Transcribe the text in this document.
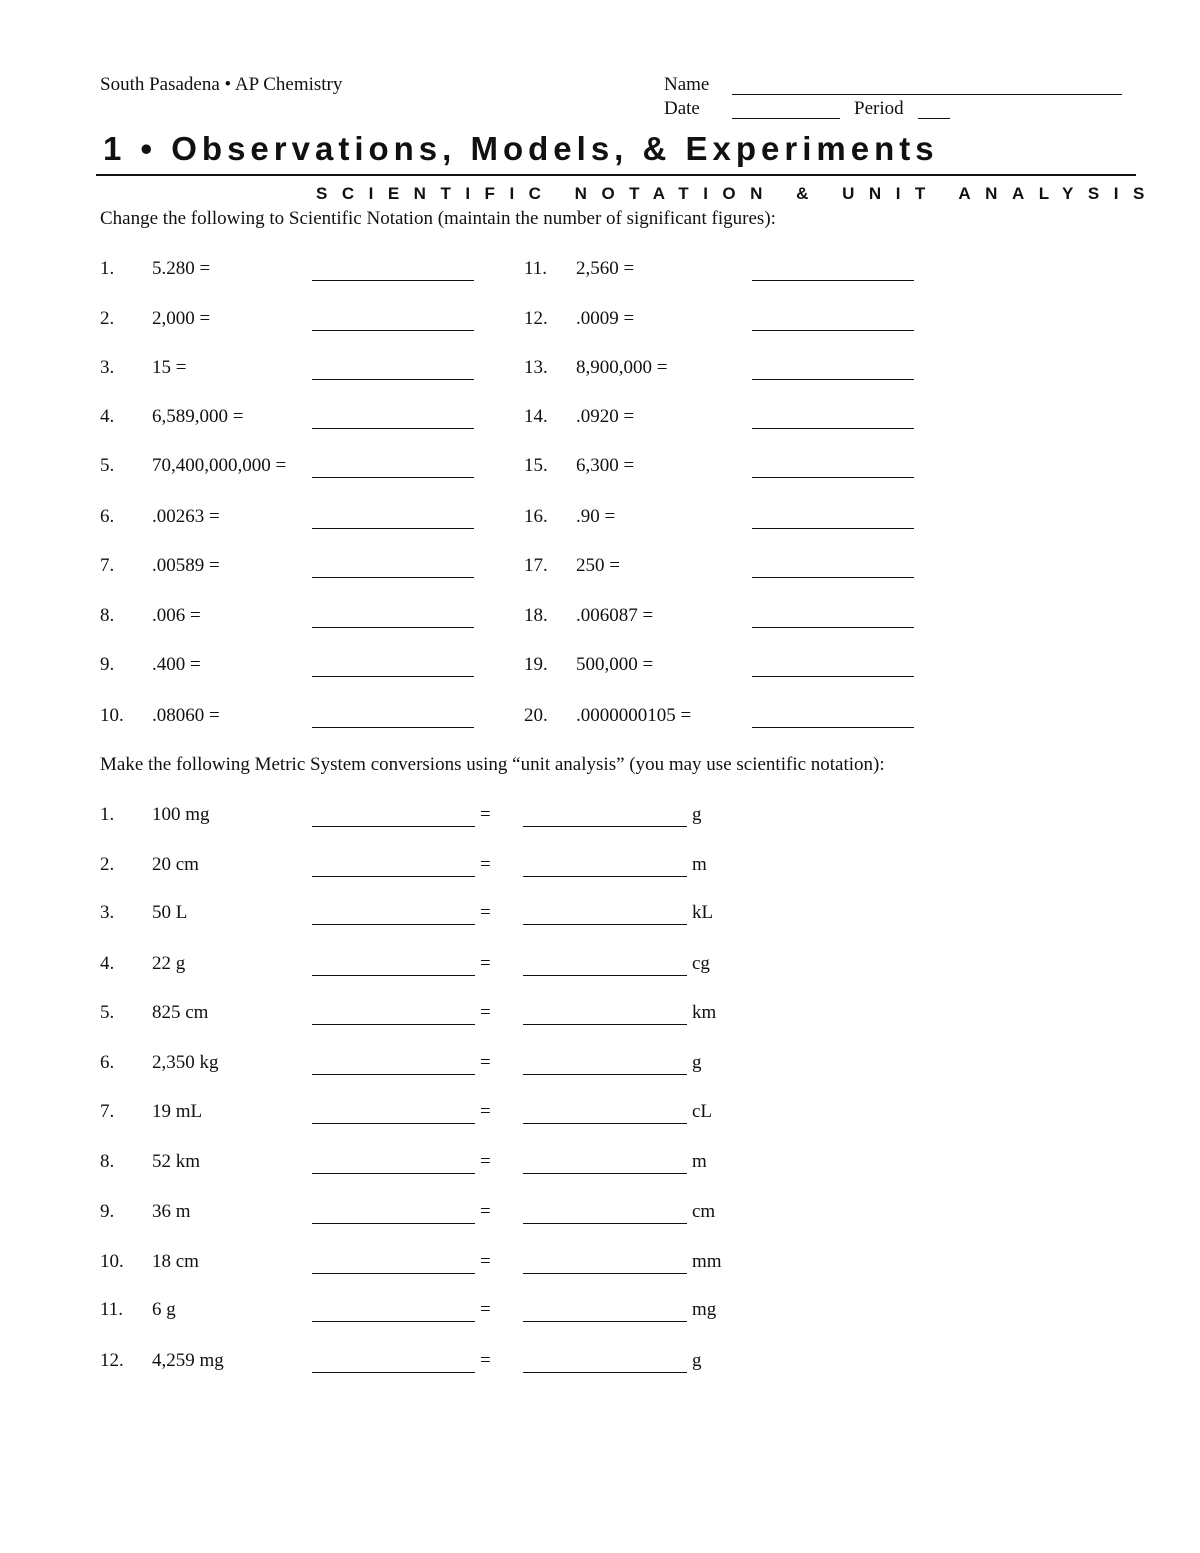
South Pasadena • AP Chemistry	Name
Date	Period
1 • Observations, Models, & Experiments
SCIENTIFIC NOTATION & UNIT ANALYSIS
Change the following to Scientific Notation (maintain the number of significant figures):
1. 5.280 =
2. 2,000 =
3. 15 =
4. 6,589,000 =
5. 70,400,000,000 =
6. .00263 =
7. .00589 =
8. .006 =
9. .400 =
10. .08060 =
11. 2,560 =
12. .0009 =
13. 8,900,000 =
14. .0920 =
15. 6,300 =
16. .90 =
17. 250 =
18. .006087 =
19. 500,000 =
20. .0000000105 =
Make the following Metric System conversions using “unit analysis” (you may use scientific notation):
1. 100 mg	=	g
2. 20 cm	=	m
3. 50 L	=	kL
4. 22 g	=	cg
5. 825 cm	=	km
6. 2,350 kg	=	g
7. 19 mL	=	cL
8. 52 km	=	m
9. 36 m	=	cm
10. 18 cm	=	mm
11. 6 g	=	mg
12. 4,259 mg	=	g
